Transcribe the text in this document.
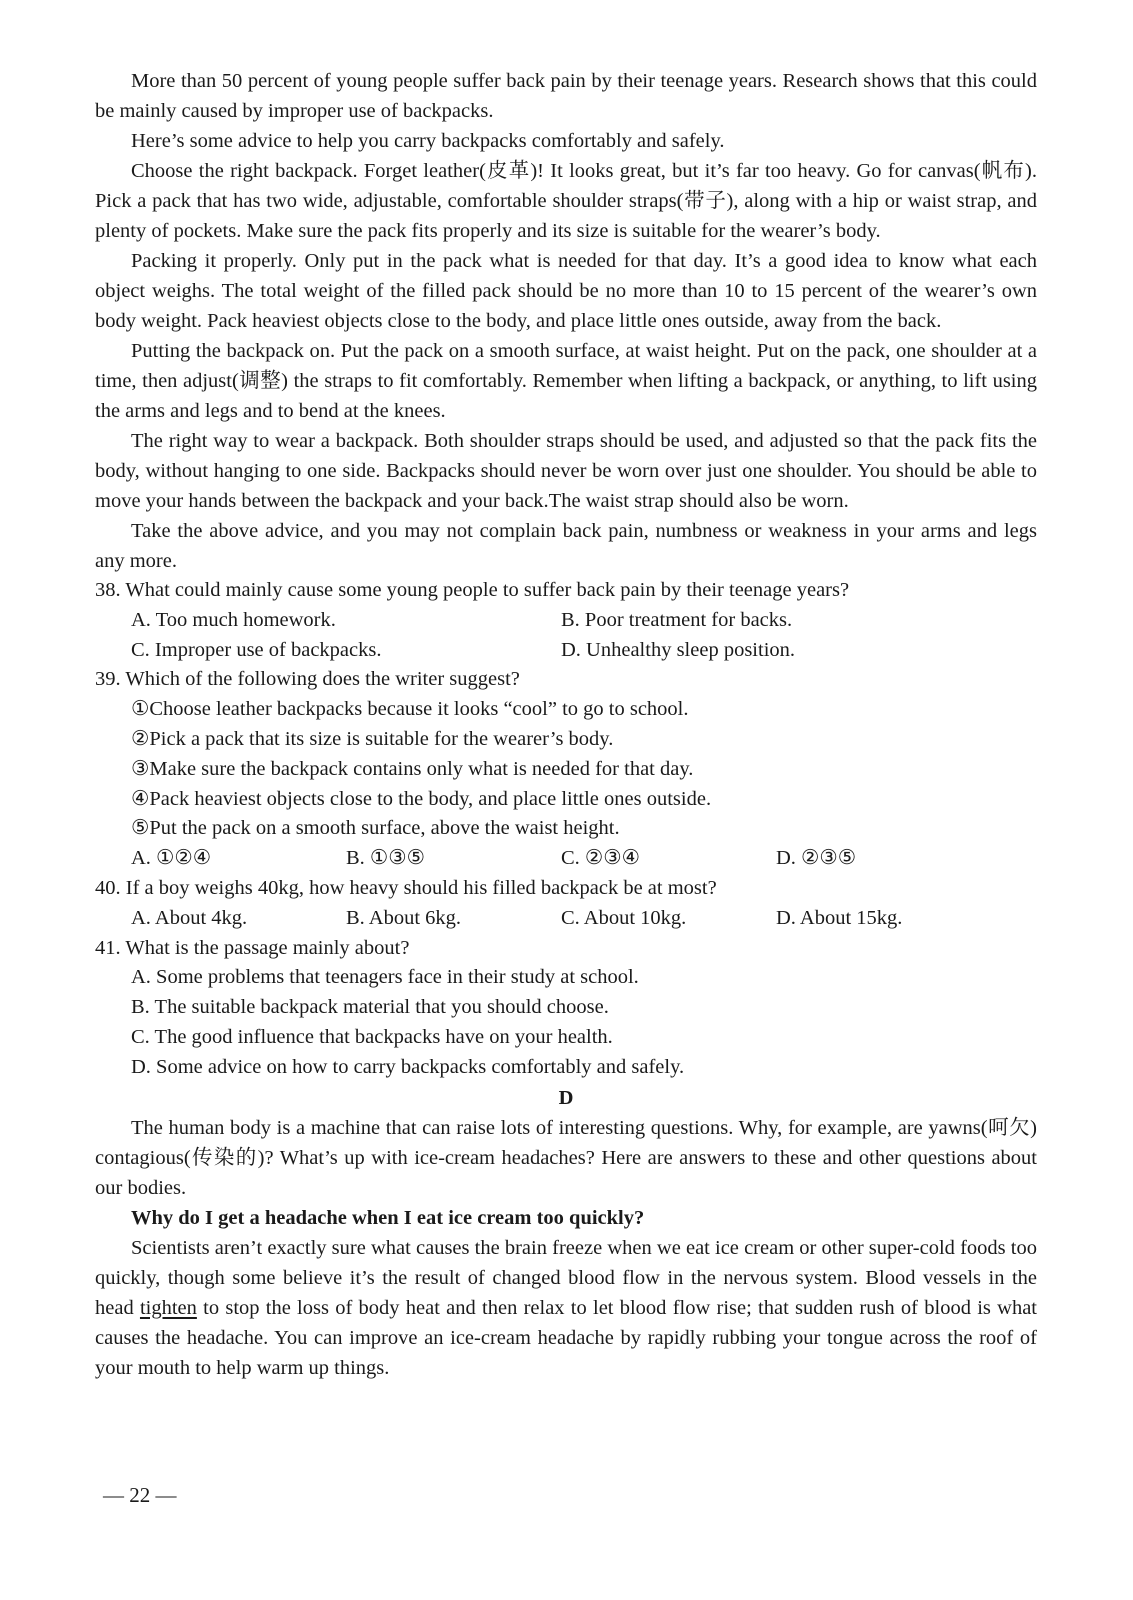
More than 50 percent of young people suffer back pain by their teenage years. Research shows that this could be mainly caused by improper use of backpacks.

Here’s some advice to help you carry backpacks comfortably and safely.

Choose the right backpack. Forget leather(皮革)! It looks great, but it’s far too heavy. Go for canvas(帆布). Pick a pack that has two wide, adjustable, comfortable shoulder straps(带子), along with a hip or waist strap, and plenty of pockets. Make sure the pack fits properly and its size is suitable for the wearer’s body.

Packing it properly. Only put in the pack what is needed for that day. It’s a good idea to know what each object weighs. The total weight of the filled pack should be no more than 10 to 15 percent of the wearer’s own body weight. Pack heaviest objects close to the body, and place little ones outside, away from the back.

Putting the backpack on. Put the pack on a smooth surface, at waist height. Put on the pack, one shoulder at a time, then adjust(调整) the straps to fit comfortably. Remember when lifting a backpack, or anything, to lift using the arms and legs and to bend at the knees.

The right way to wear a backpack. Both shoulder straps should be used, and adjusted so that the pack fits the body, without hanging to one side. Backpacks should never be worn over just one shoulder. You should be able to move your hands between the backpack and your back.The waist strap should also be worn.

Take the above advice, and you may not complain back pain, numbness or weakness in your arms and legs any more.

38. What could mainly cause some young people to suffer back pain by their teenage years?

A. Too much homework.	B. Poor treatment for backs.
C. Improper use of backpacks.	D. Unhealthy sleep position.

39. Which of the following does the writer suggest?

①Choose leather backpacks because it looks “cool” to go to school.

②Pick a pack that its size is suitable for the wearer’s body.

③Make sure the backpack contains only what is needed for that day.

④Pack heaviest objects close to the body, and place little ones outside.

⑤Put the pack on a smooth surface, above the waist height.

A. ①②④	B. ①③⑤	C. ②③④	D. ②③⑤

40. If a boy weighs 40kg, how heavy should his filled backpack be at most?

A. About 4kg.	B. About 6kg.	C. About 10kg.	D. About 15kg.

41. What is the passage mainly about?

A. Some problems that teenagers face in their study at school.

B. The suitable backpack material that you should choose.

C. The good influence that backpacks have on your health.

D. Some advice on how to carry backpacks comfortably and safely.

D

The human body is a machine that can raise lots of interesting questions. Why, for example, are yawns(呵欠) contagious(传染的)? What’s up with ice-cream headaches? Here are answers to these and other questions about our bodies.

Why do I get a headache when I eat ice cream too quickly?

Scientists aren’t exactly sure what causes the brain freeze when we eat ice cream or other super-cold foods too quickly, though some believe it’s the result of changed blood flow in the nervous system. Blood vessels in the head tighten to stop the loss of body heat and then relax to let blood flow rise; that sudden rush of blood is what causes the headache. You can improve an ice-cream headache by rapidly rubbing your tongue across the roof of your mouth to help warm up things.

— 22 —
